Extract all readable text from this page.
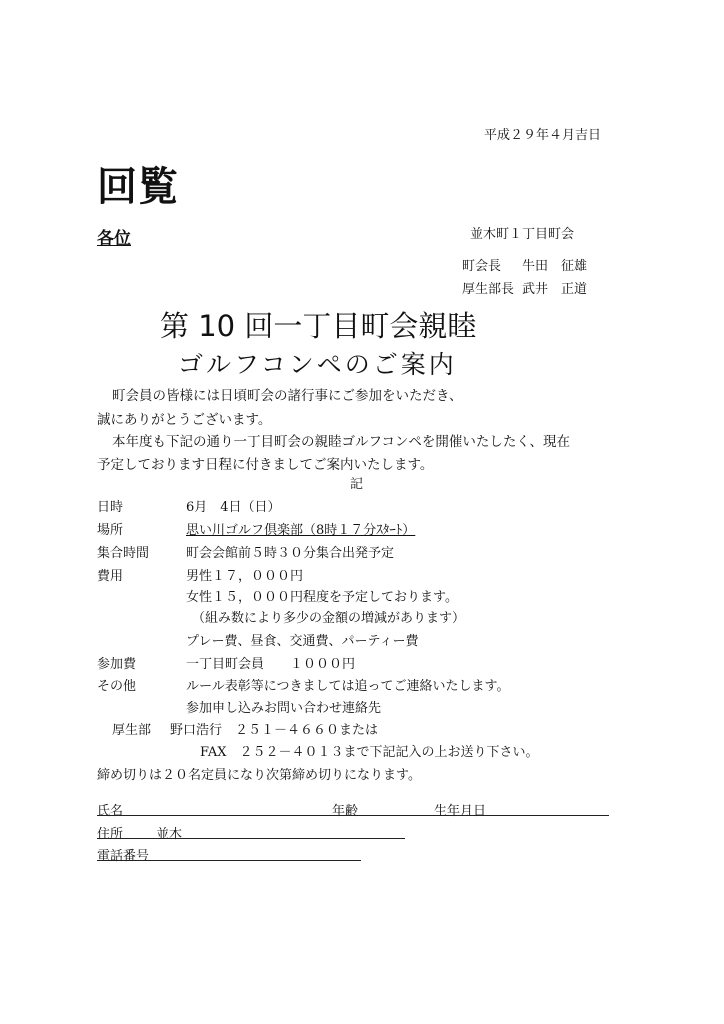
平成２９年４月吉日
回覧
各位	並木町１丁目町会
町会長 牛田　征雄
厚生部長 武井　正道
第 10 回一丁目町会親睦
ゴルフコンペのご案内
町会員の皆様には日頃町会の諸行事にご参加をいただき、
誠にありがとうございます。
本年度も下記の通り一丁目町会の親睦ゴルフコンペを開催いたしたく、現在
予定しております日程に付きましてご案内いたします。
記
日時	6月　4日（日）
場所	思い川ゴルフ倶楽部（8時１７分ｽﾀｰﾄ）
集合時間	町会会館前５時３０分集合出発予定
費用	男性１７，０００円
女性１５，０００円程度を予定しております。
（組み数により多少の金額の増減があります）
プレー費、昼食、交通費、パーティー費
参加費	一丁目町会員　　１０００円
その他	ルール表彰等につきましては追ってご連絡いたします。
参加申し込みお問い合わせ連絡先
厚生部 野口浩行　２５１－４６６０または
FAX　２５２－４０１３まで下記記入の上お送り下さい。
締め切りは２０名定員になり次第締め切りになります。
氏名	年齢	生年月日
住所	並木
電話番号
